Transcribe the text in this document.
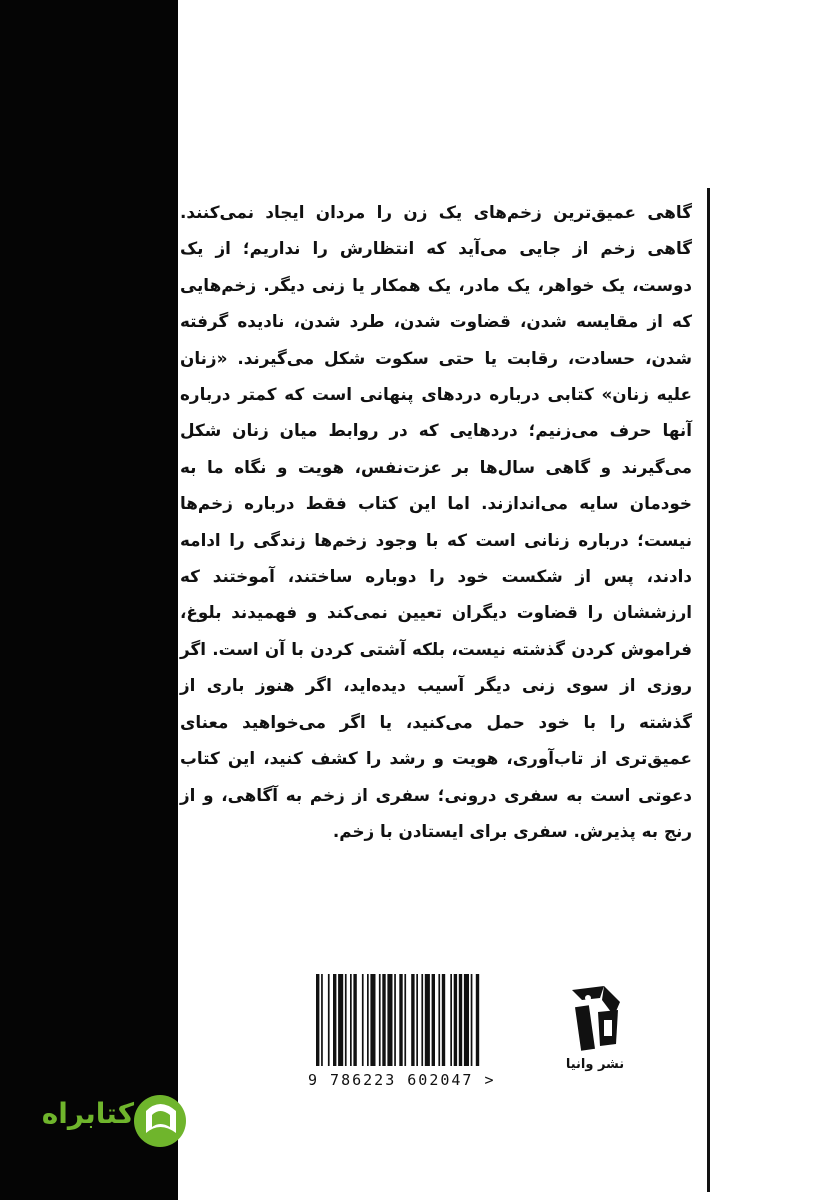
گاهی عمیق‌ترین زخم‌های یک زن را مردان ایجاد نمی‌کنند. گاهی زخم از جایی می‌آید که انتظارش را نداریم؛ از یک دوست، یک خواهر، یک مادر، یک همکار یا زنی دیگر. زخم‌هایی که از مقایسه شدن، قضاوت شدن، طرد شدن، نادیده گرفته شدن، حسادت، رقابت یا حتی سکوت شکل می‌گیرند. «زنان علیه زنان» کتابی درباره دردهای پنهانی است که کمتر درباره آنها حرف می‌زنیم؛ دردهایی که در روابط میان زنان شکل می‌گیرند و گاهی سال‌ها بر عزت‌نفس، هویت و نگاه ما به خودمان سایه می‌اندازند. اما این کتاب فقط درباره زخم‌ها نیست؛ درباره زنانی است که با وجود زخم‌ها زندگی را ادامه دادند، پس از شکست خود را دوباره ساختند، آموختند که ارزششان را قضاوت دیگران تعیین نمی‌کند و فهمیدند بلوغ، فراموش کردن گذشته نیست، بلکه آشتی کردن با آن است. اگر روزی از سوی زنی دیگر آسیب دیده‌اید، اگر هنوز باری از گذشته را با خود حمل می‌کنید، یا اگر می‌خواهید معنای عمیق‌تری از تاب‌آوری، هویت و رشد را کشف کنید، این کتاب دعوتی است به سفری درونی؛ سفری از زخم به آگاهی، و از رنج به پذیرش. سفری برای ایستادن با زخم.

9 786223 602047 >
نشر وانیا
کتابراه
